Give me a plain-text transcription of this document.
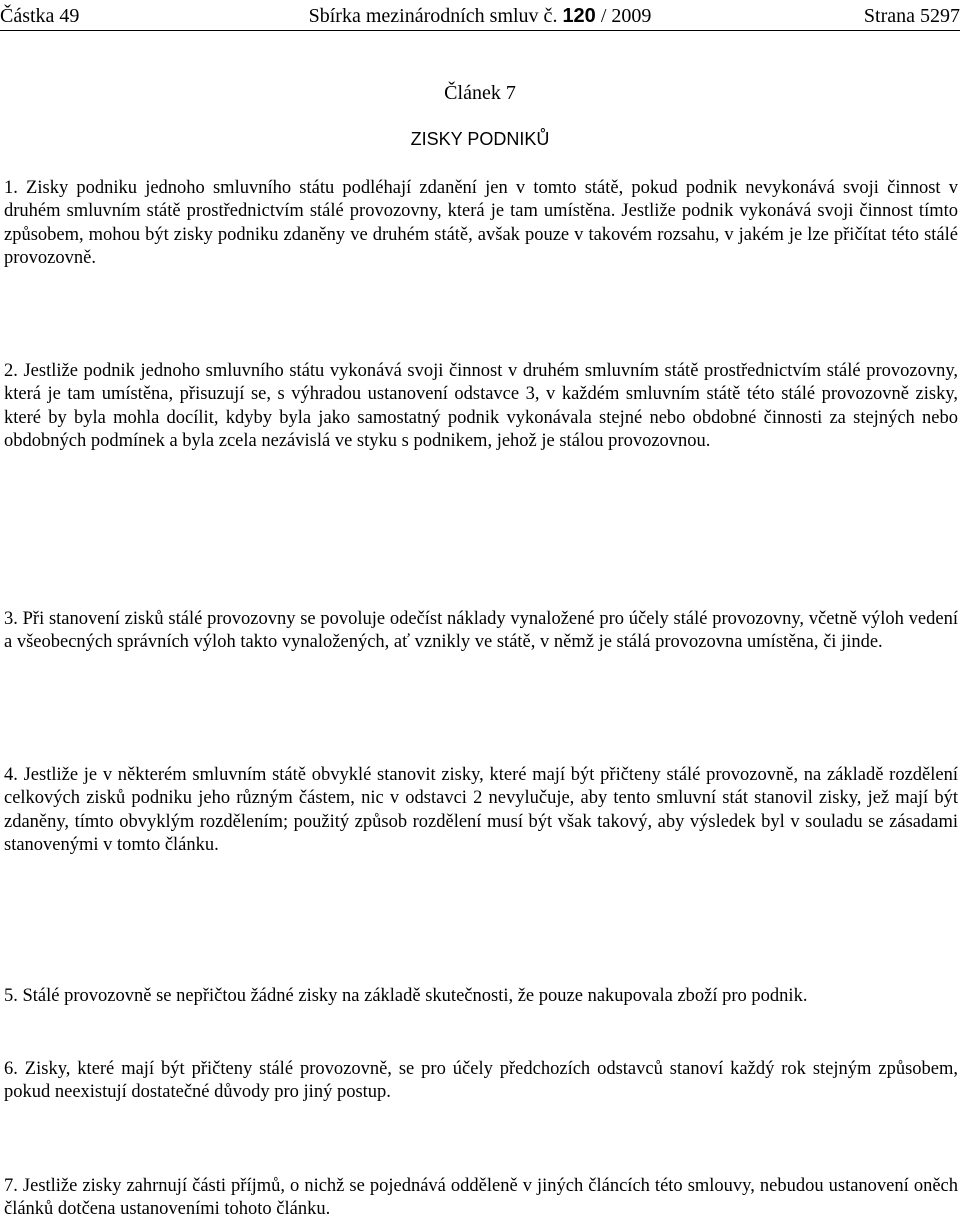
Částka 49	Sbírka mezinárodních smluv č. 120 / 2009	Strana 5297
Článek 7
ZISKY PODNIKŮ

1. Zisky podniku jednoho smluvního státu podléhají zdanění jen v tomto státě, pokud podnik nevykonává svoji činnost v druhém smluvním státě prostřednictvím stálé provozovny, která je tam umístěna. Jestliže podnik vykonává svoji činnost tímto způsobem, mohou být zisky podniku zdaněny ve druhém státě, avšak pouze v takovém rozsahu, v jakém je lze přičítat této stálé provozovně.

2. Jestliže podnik jednoho smluvního státu vykonává svoji činnost v druhém smluvním státě prostřednictvím stálé provozovny, která je tam umístěna, přisuzují se, s výhradou ustanovení odstavce 3, v každém smluvním státě této stálé provozovně zisky, které by byla mohla docílit, kdyby byla jako samostatný podnik vykonávala stejné nebo obdobné činnosti za stejných nebo obdobných podmínek a byla zcela nezávislá ve styku s podnikem, jehož je stálou provozovnou.

3. Při stanovení zisků stálé provozovny se povoluje odečíst náklady vynaložené pro účely stálé provozovny, včetně výloh vedení a všeobecných správních výloh takto vynaložených, ať vznikly ve státě, v němž je stálá provozovna umístěna, či jinde.

4. Jestliže je v některém smluvním státě obvyklé stanovit zisky, které mají být přičteny stálé provozovně, na základě rozdělení celkových zisků podniku jeho různým částem, nic v odstavci 2 nevylučuje, aby tento smluvní stát stanovil zisky, jež mají být zdaněny, tímto obvyklým rozdělením; použitý způsob rozdělení musí být však takový, aby výsledek byl v souladu se zásadami stanovenými v tomto článku.

5. Stálé provozovně se nepřičtou žádné zisky na základě skutečnosti, že pouze nakupovala zboží pro podnik.

6. Zisky, které mají být přičteny stálé provozovně, se pro účely předchozích odstavců stanoví každý rok stejným způsobem, pokud neexistují dostatečné důvody pro jiný postup.

7. Jestliže zisky zahrnují části příjmů, o nichž se pojednává odděleně v jiných článcích této smlouvy, nebudou ustanovení oněch článků dotčena ustanoveními tohoto článku.
